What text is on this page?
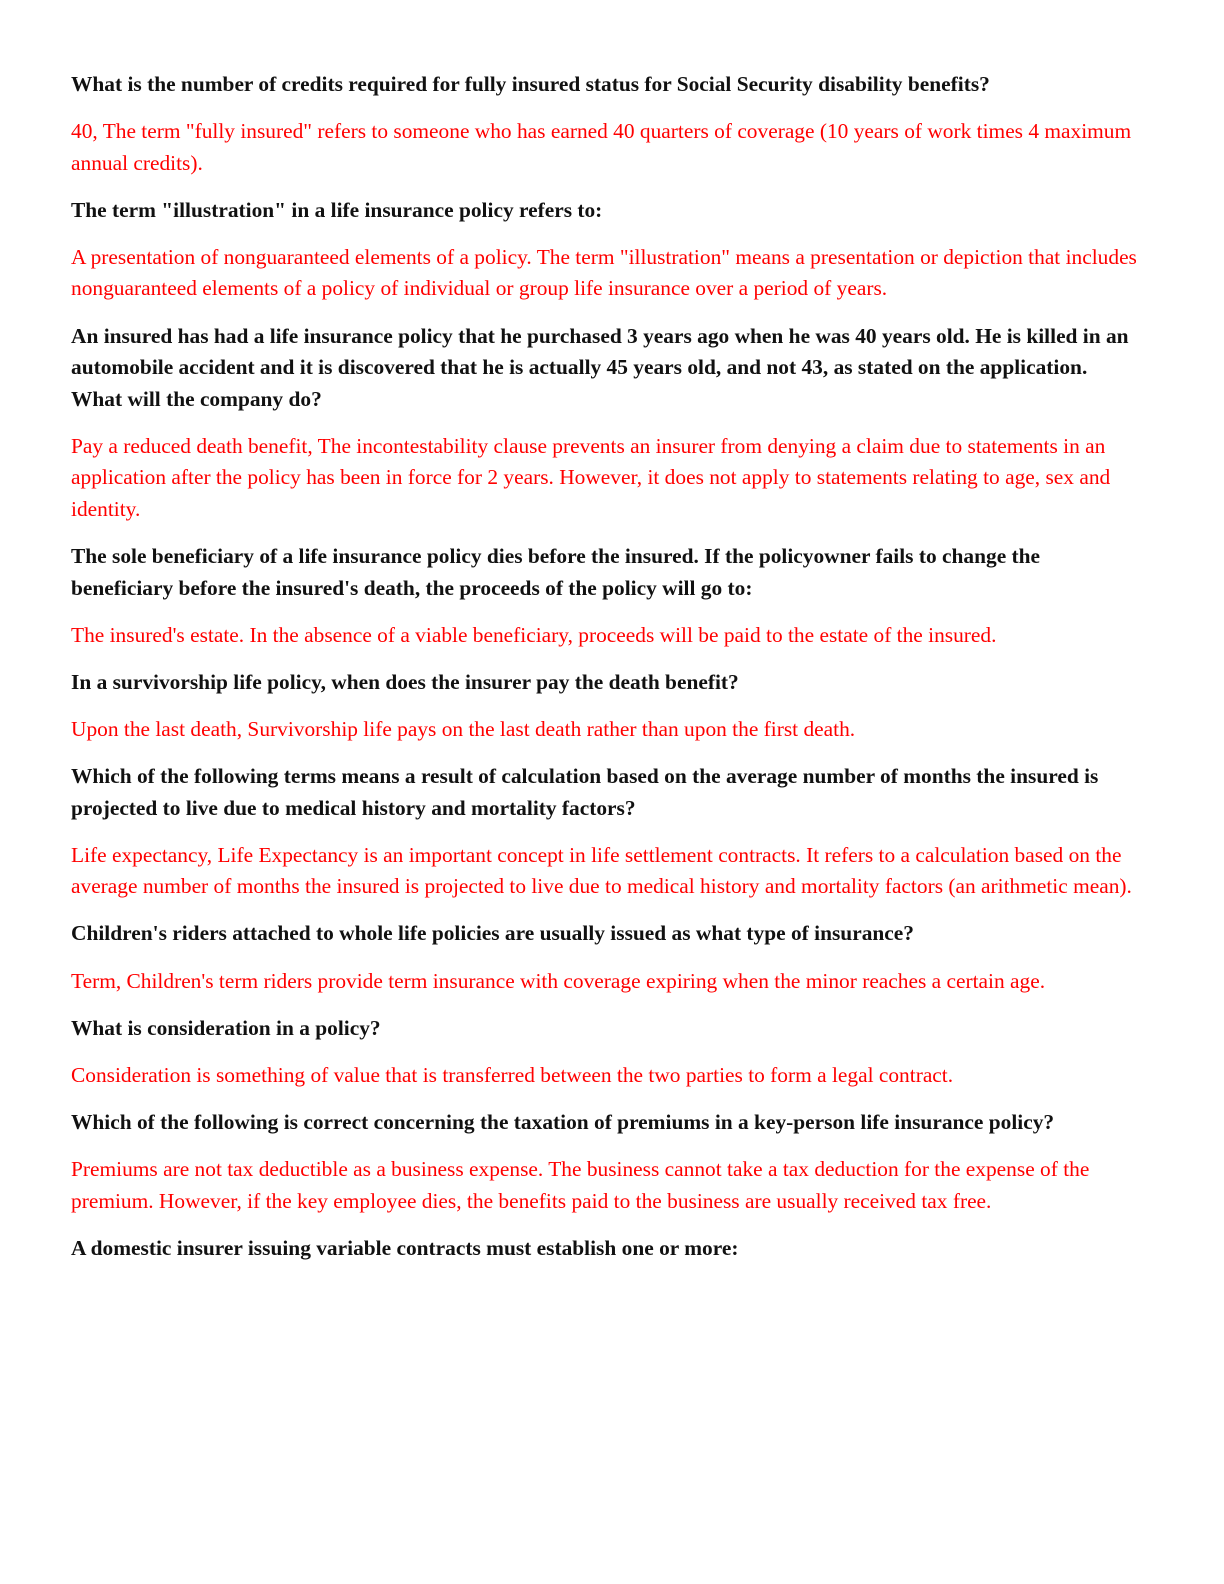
What is the number of credits required for fully insured status for Social Security disability benefits?

40, The term "fully insured" refers to someone who has earned 40 quarters of coverage (10 years of work times 4 maximum annual credits).

The term "illustration" in a life insurance policy refers to:

A presentation of nonguaranteed elements of a policy. The term "illustration" means a presentation or depiction that includes nonguaranteed elements of a policy of individual or group life insurance over a period of years.

An insured has had a life insurance policy that he purchased 3 years ago when he was 40 years old. He is killed in an automobile accident and it is discovered that he is actually 45 years old, and not 43, as stated on the application. What will the company do?

Pay a reduced death benefit, The incontestability clause prevents an insurer from denying a claim due to statements in an application after the policy has been in force for 2 years. However, it does not apply to statements relating to age, sex and identity.

The sole beneficiary of a life insurance policy dies before the insured. If the policyowner fails to change the beneficiary before the insured's death, the proceeds of the policy will go to:

The insured's estate. In the absence of a viable beneficiary, proceeds will be paid to the estate of the insured.

In a survivorship life policy, when does the insurer pay the death benefit?

Upon the last death, Survivorship life pays on the last death rather than upon the first death.

Which of the following terms means a result of calculation based on the average number of months the insured is projected to live due to medical history and mortality factors?

Life expectancy, Life Expectancy is an important concept in life settlement contracts. It refers to a calculation based on the average number of months the insured is projected to live due to medical history and mortality factors (an arithmetic mean).

Children's riders attached to whole life policies are usually issued as what type of insurance?

Term, Children's term riders provide term insurance with coverage expiring when the minor reaches a certain age.

What is consideration in a policy?

Consideration is something of value that is transferred between the two parties to form a legal contract.

Which of the following is correct concerning the taxation of premiums in a key-person life insurance policy?

Premiums are not tax deductible as a business expense. The business cannot take a tax deduction for the expense of the premium. However, if the key employee dies, the benefits paid to the business are usually received tax free.

A domestic insurer issuing variable contracts must establish one or more:
